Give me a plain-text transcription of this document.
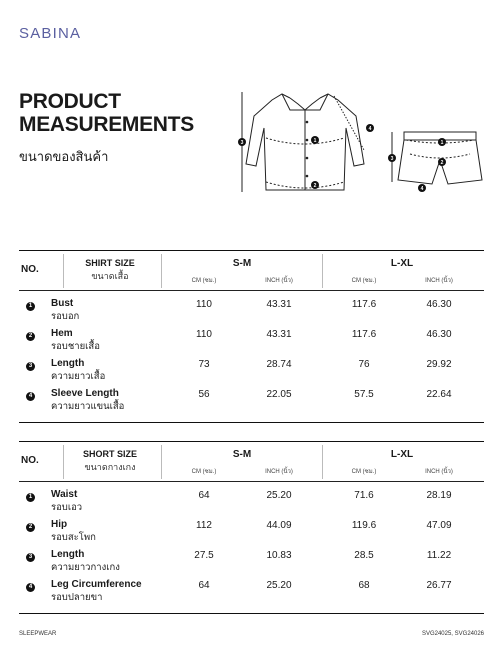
SABINA
PRODUCT
MEASUREMENTS
ขนาดของสินค้า
1
2
3
4
1
2
3
4
NO.
SHIRT SIZE
ขนาดเสื้อ
S-M	L-XL
CM (ซม.)	INCH (นิ้ว)	CM (ซม.)	INCH (นิ้ว)
1 Bust
รอบอก
110	43.31	117.6	46.30
2 Hem
รอบชายเสื้อ
110	43.31	117.6	46.30
3 Length
ความยาวเสื้อ
73	28.74	76	29.92
4 Sleeve Length
ความยาวแขนเสื้อ
56	22.05	57.5	22.64
NO.
SHORT SIZE
ขนาดกางเกง
S-M	L-XL
CM (ซม.)	INCH (นิ้ว)	CM (ซม.)	INCH (นิ้ว)
1 Waist
รอบเอว
64	25.20	71.6	28.19
2 Hip
รอบสะโพก
112	44.09	119.6	47.09
3 Length
ความยาวกางเกง
27.5	10.83	28.5	11.22
4 Leg Circumference
รอบปลายขา
64	25.20	68	26.77
SLEEPWEAR	SVG24025, SVG24026
